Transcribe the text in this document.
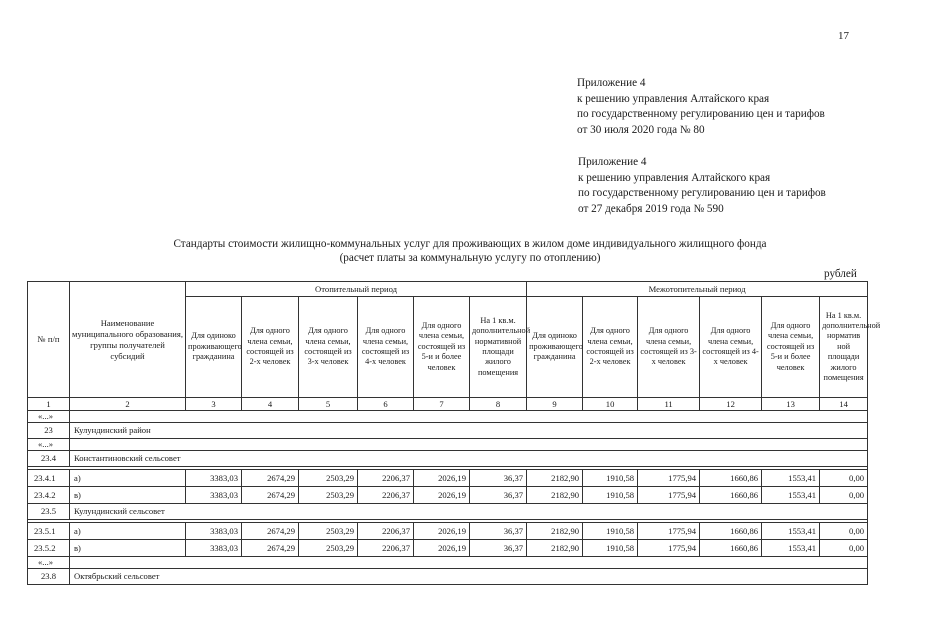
17
Приложение 4
к решению управления Алтайского края
по государственному регулированию цен и тарифов
от 30 июля 2020 года № 80
Приложение 4
к решению управления Алтайского края
по государственному регулированию цен и тарифов
от 27 декабря 2019 года № 590
Стандарты стоимости жилищно-коммунальных услуг для проживающих в жилом доме индивидуального жилищного фонда
(расчет платы за коммунальную услугу по отоплению)
рублей
№ п/п	Наименование муниципального образования, группы получателей субсидий	Отопительный период						Межотопительный период					
		Для одиноко проживающего гражданина	Для одного члена семьи, состоящей из 2-х человек	Для одного члена семьи, состоящей из 3-х человек	Для одного члена семьи, состоящей из 4-х человек	Для одного члена семьи, состоящей из 5-и и более человек	На 1 кв.м. дополнительной нормативной площади жилого помещения	Для одиноко проживающего гражданина	Для одного члена семьи, состоящей из 2-х человек	Для одного члена семьи, состоящей из 3-х человек	Для одного члена семьи, состоящей из 4-х человек	Для одного члена семьи, состоящей из 5-и и более человек	На 1 кв.м. дополнительной норматив ной площади жилого помещения
1	2	3	4	5	6	7	8	9	10	11	12	13	14
«...»													
23	Кулундинский район												
«...»													
23.4	Константиновский сельсовет												

23.4.1	а)	3383,03	2674,29	2503,29	2206,37	2026,19	36,37	2182,90	1910,58	1775,94	1660,86	1553,41	0,00
23.4.2	в)	3383,03	2674,29	2503,29	2206,37	2026,19	36,37	2182,90	1910,58	1775,94	1660,86	1553,41	0,00
23.5	Кулундинский сельсовет												

23.5.1	а)	3383,03	2674,29	2503,29	2206,37	2026,19	36,37	2182,90	1910,58	1775,94	1660,86	1553,41	0,00
23.5.2	в)	3383,03	2674,29	2503,29	2206,37	2026,19	36,37	2182,90	1910,58	1775,94	1660,86	1553,41	0,00
«...»													
23.8	Октябрьский сельсовет												
